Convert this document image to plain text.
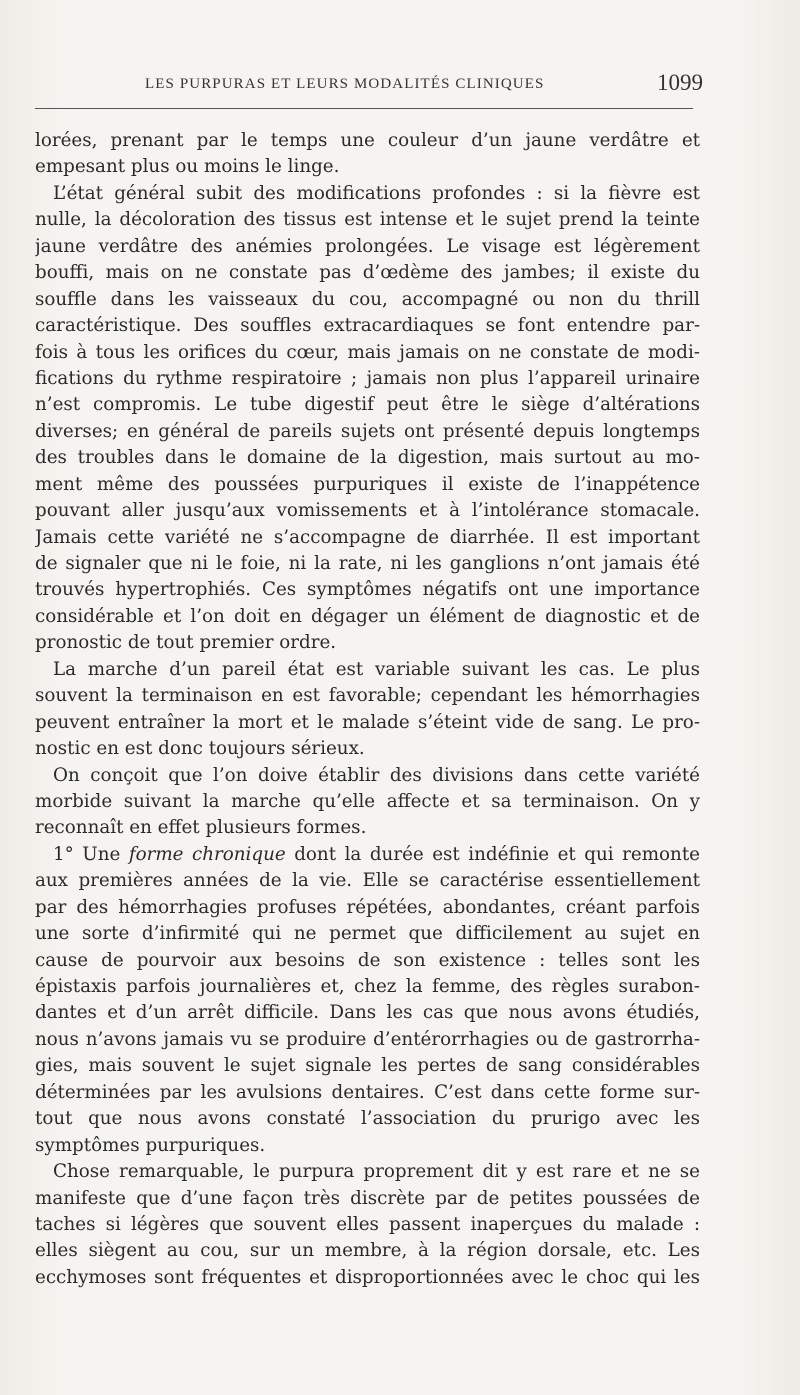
LES PURPURAS ET LEURS MODALITÉS CLINIQUES	1099
lorées, prenant par le temps une couleur d’un jaune verdâtre et
empesant plus ou moins le linge.
L’état général subit des modifications profondes : si la fièvre est
nulle, la décoloration des tissus est intense et le sujet prend la teinte
jaune verdâtre des anémies prolongées. Le visage est légèrement
bouffi, mais on ne constate pas d’œdème des jambes; il existe du
souffle dans les vaisseaux du cou, accompagné ou non du thrill
caractéristique. Des souffles extracardiaques se font entendre par-
fois à tous les orifices du cœur, mais jamais on ne constate de modi-
fications du rythme respiratoire ; jamais non plus l’appareil urinaire
n’est compromis. Le tube digestif peut être le siège d’altérations
diverses; en général de pareils sujets ont présenté depuis longtemps
des troubles dans le domaine de la digestion, mais surtout au mo-
ment même des poussées purpuriques il existe de l’inappétence
pouvant aller jusqu’aux vomissements et à l’intolérance stomacale.
Jamais cette variété ne s’accompagne de diarrhée. Il est important
de signaler que ni le foie, ni la rate, ni les ganglions n’ont jamais été
trouvés hypertrophiés. Ces symptômes négatifs ont une importance
considérable et l’on doit en dégager un élément de diagnostic et de
pronostic de tout premier ordre.
La marche d’un pareil état est variable suivant les cas. Le plus
souvent la terminaison en est favorable; cependant les hémorrhagies
peuvent entraîner la mort et le malade s’éteint vide de sang. Le pro-
nostic en est donc toujours sérieux.
On conçoit que l’on doive établir des divisions dans cette variété
morbide suivant la marche qu’elle affecte et sa terminaison. On y
reconnaît en effet plusieurs formes.
1° Une forme chronique dont la durée est indéfinie et qui remonte
aux premières années de la vie. Elle se caractérise essentiellement
par des hémorrhagies profuses répétées, abondantes, créant parfois
une sorte d’infirmité qui ne permet que difficilement au sujet en
cause de pourvoir aux besoins de son existence : telles sont les
épistaxis parfois journalières et, chez la femme, des règles surabon-
dantes et d’un arrêt difficile. Dans les cas que nous avons étudiés,
nous n’avons jamais vu se produire d’entérorrhagies ou de gastrorrha-
gies, mais souvent le sujet signale les pertes de sang considérables
déterminées par les avulsions dentaires. C’est dans cette forme sur-
tout que nous avons constaté l’association du prurigo avec les
symptômes purpuriques.
Chose remarquable, le purpura proprement dit y est rare et ne se
manifeste que d’une façon très discrète par de petites poussées de
taches si légères que souvent elles passent inaperçues du malade :
elles siègent au cou, sur un membre, à la région dorsale, etc. Les
ecchymoses sont fréquentes et disproportionnées avec le choc qui les
